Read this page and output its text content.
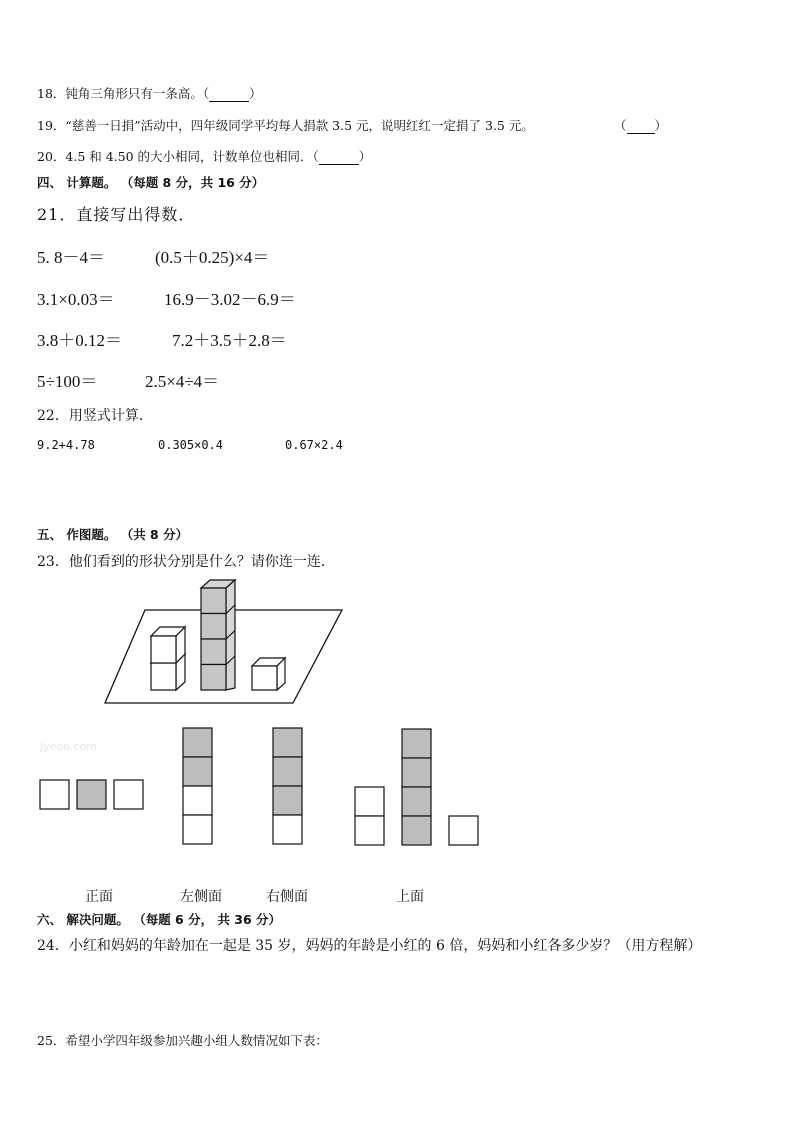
18．钝角三角形只有一条高。（	）
19．“慈善一日捐”活动中，四年级同学平均每人捐款 3.5 元，说明红红一定捐了 3.5 元。	（ ）
20．4.5 和 4.50 的大小相同，计数单位也相同．（	）
四、 计算题。 （每题 8 分，共 16 分）
21．直接写出得数．
5. 8－4＝	(0.5＋0.25)×4＝
3.1×0.03＝	16.9－3.02－6.9＝
3.8＋0.12＝	7.2＋3.5＋2.8＝
5÷100＝	2.5×4÷4＝
22．用竖式计算．
9.2+4.78	0.305×0.4	0.67×2.4
五、 作图题。 （共 8 分）
23．他们看到的形状分别是什么？请你连一连．
Jyeoo.com
正面	左侧面	右侧面	上面
六、 解决问题。 （每题 6 分， 共 36 分）
24．小红和妈妈的年龄加在一起是 35 岁，妈妈的年龄是小红的 6 倍，妈妈和小红各多少岁？（用方程解）
25．希望小学四年级参加兴趣小组人数情况如下表：
